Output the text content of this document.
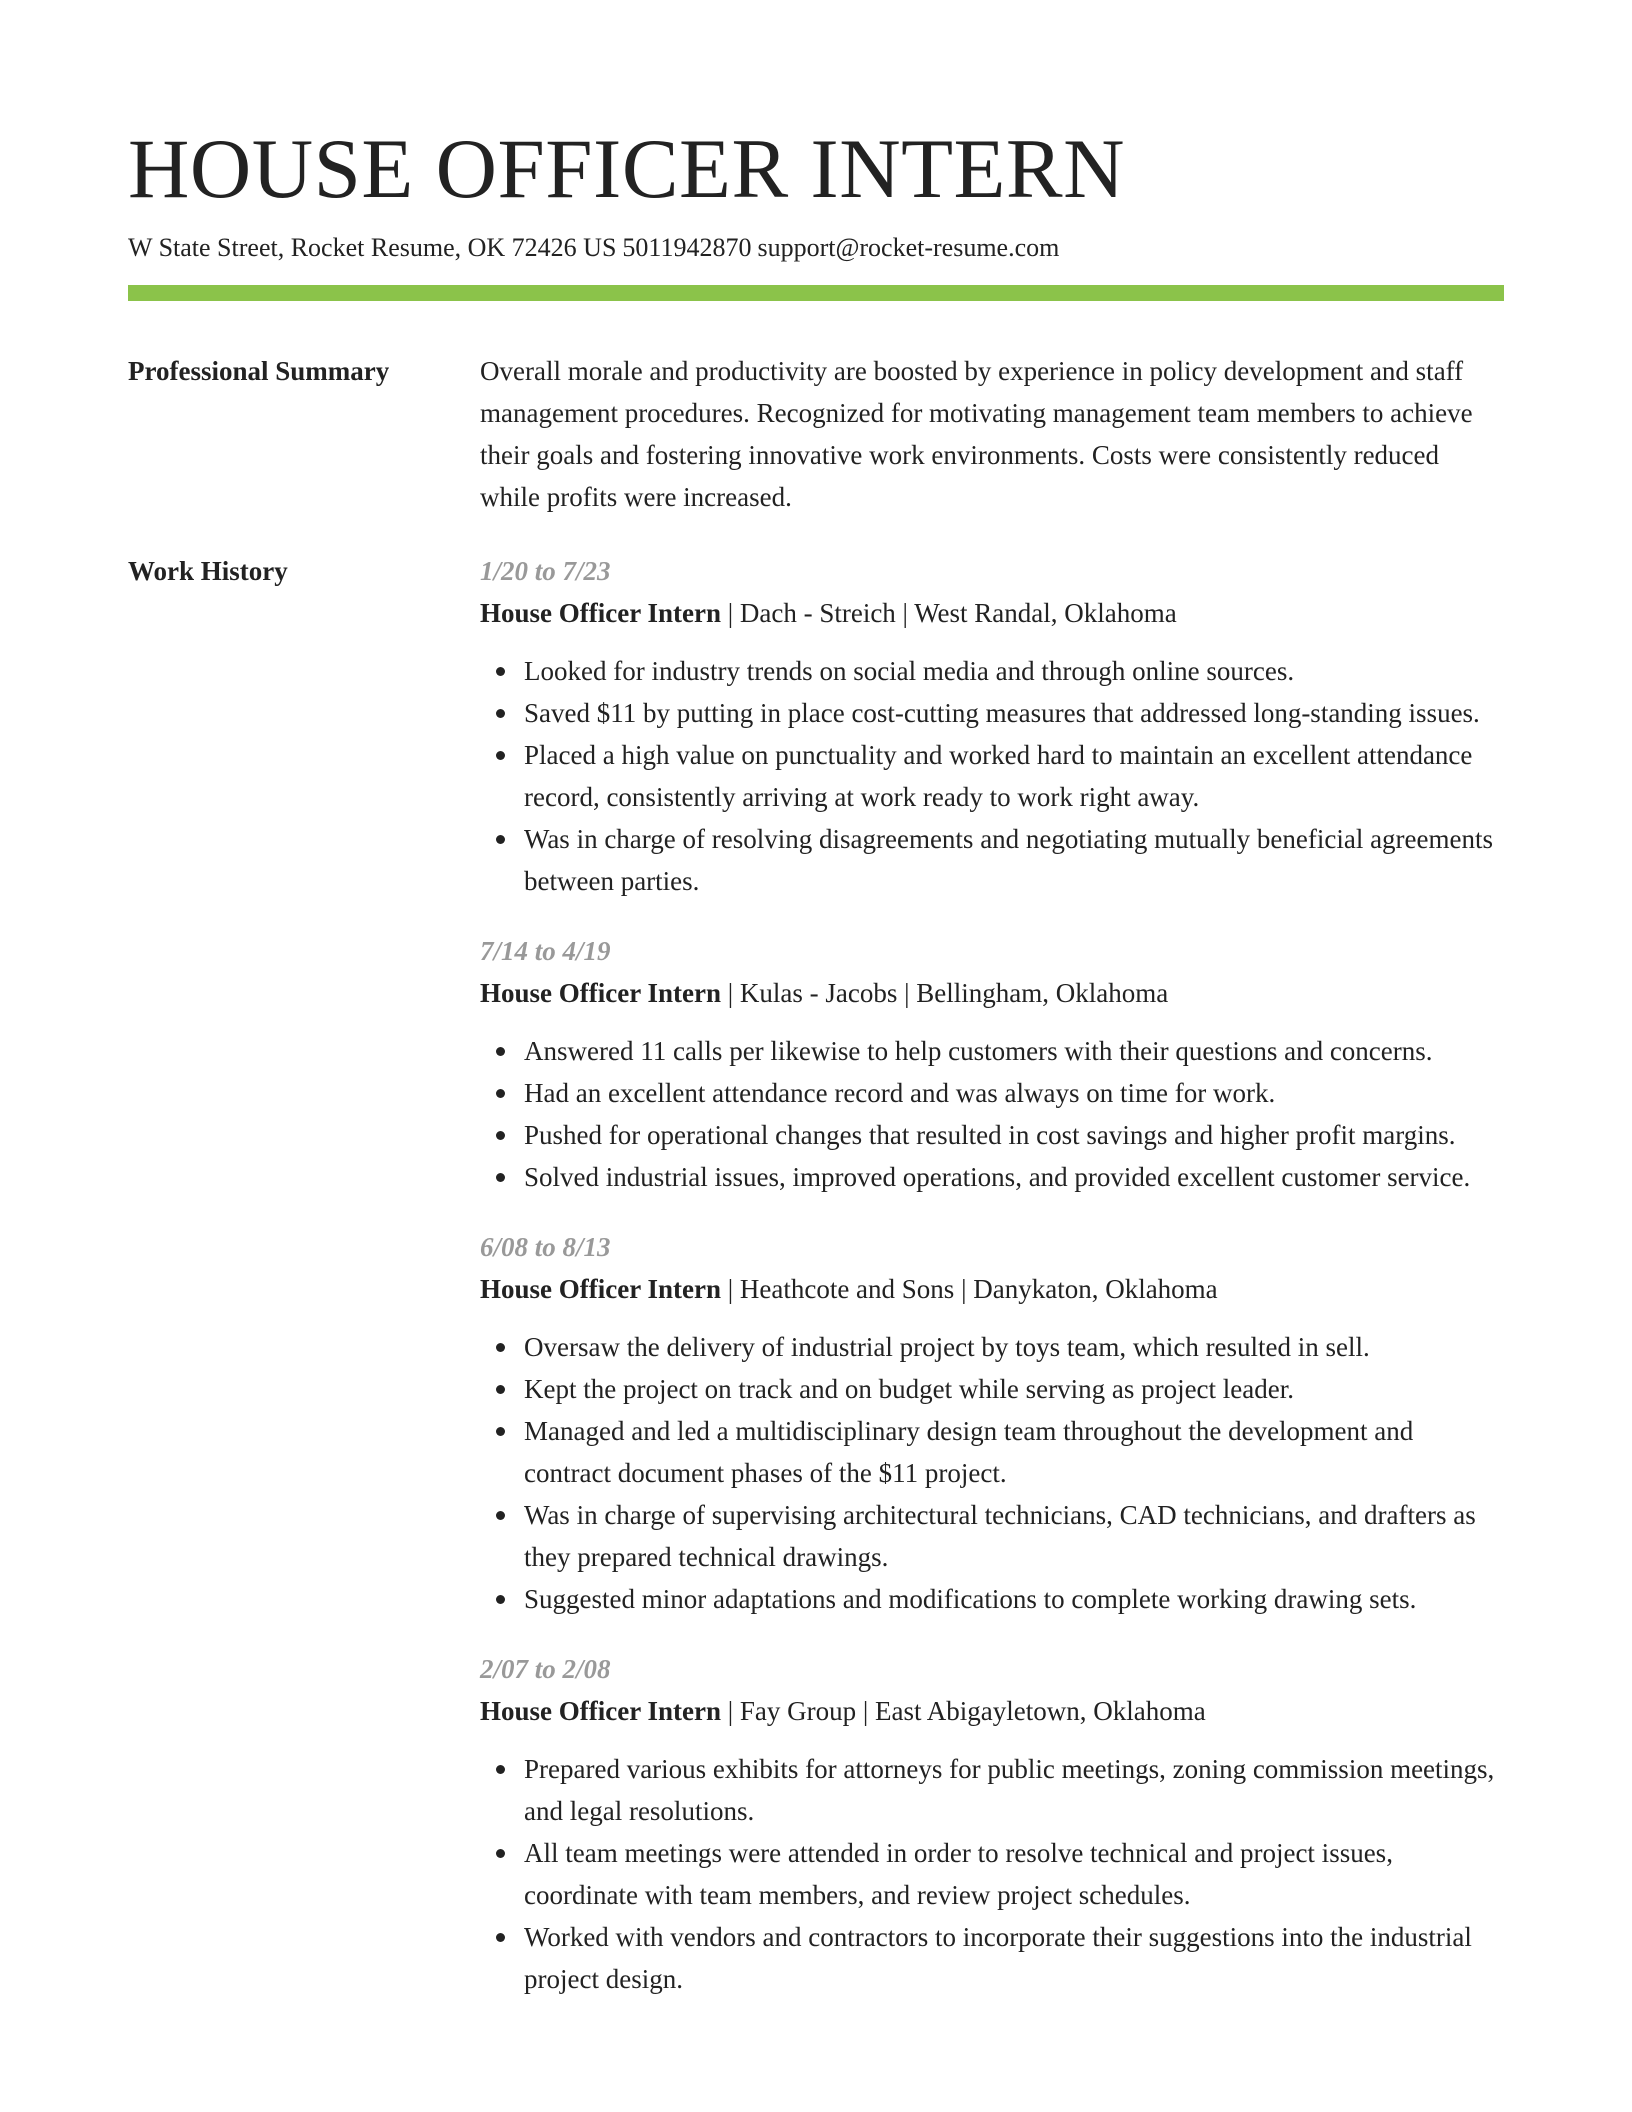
HOUSE OFFICER INTERN
W State Street, Rocket Resume, OK 72426 US 5011942870 support@rocket-resume.com
Professional Summary	Overall morale and productivity are boosted by experience in policy development and staff management procedures. Recognized for motivating management team members to achieve their goals and fostering innovative work environments. Costs were consistently reduced while profits were increased.

Work History	1/20 to 7/23
House Officer Intern | Dach - Streich | West Randal, Oklahoma
Looked for industry trends on social media and through online sources.
Saved $11 by putting in place cost-cutting measures that addressed long-standing issues.
Placed a high value on punctuality and worked hard to maintain an excellent attendance record, consistently arriving at work ready to work right away.
Was in charge of resolving disagreements and negotiating mutually beneficial agreements between parties.
7/14 to 4/19
House Officer Intern | Kulas - Jacobs | Bellingham, Oklahoma
Answered 11 calls per likewise to help customers with their questions and concerns.
Had an excellent attendance record and was always on time for work.
Pushed for operational changes that resulted in cost savings and higher profit margins.
Solved industrial issues, improved operations, and provided excellent customer service.
6/08 to 8/13
House Officer Intern | Heathcote and Sons | Danykaton, Oklahoma
Oversaw the delivery of industrial project by toys team, which resulted in sell.
Kept the project on track and on budget while serving as project leader.
Managed and led a multidisciplinary design team throughout the development and contract document phases of the $11 project.
Was in charge of supervising architectural technicians, CAD technicians, and drafters as they prepared technical drawings.
Suggested minor adaptations and modifications to complete working drawing sets.
2/07 to 2/08
House Officer Intern | Fay Group | East Abigayletown, Oklahoma
Prepared various exhibits for attorneys for public meetings, zoning commission meetings, and legal resolutions.
All team meetings were attended in order to resolve technical and project issues, coordinate with team members, and review project schedules.
Worked with vendors and contractors to incorporate their suggestions into the industrial project design.
